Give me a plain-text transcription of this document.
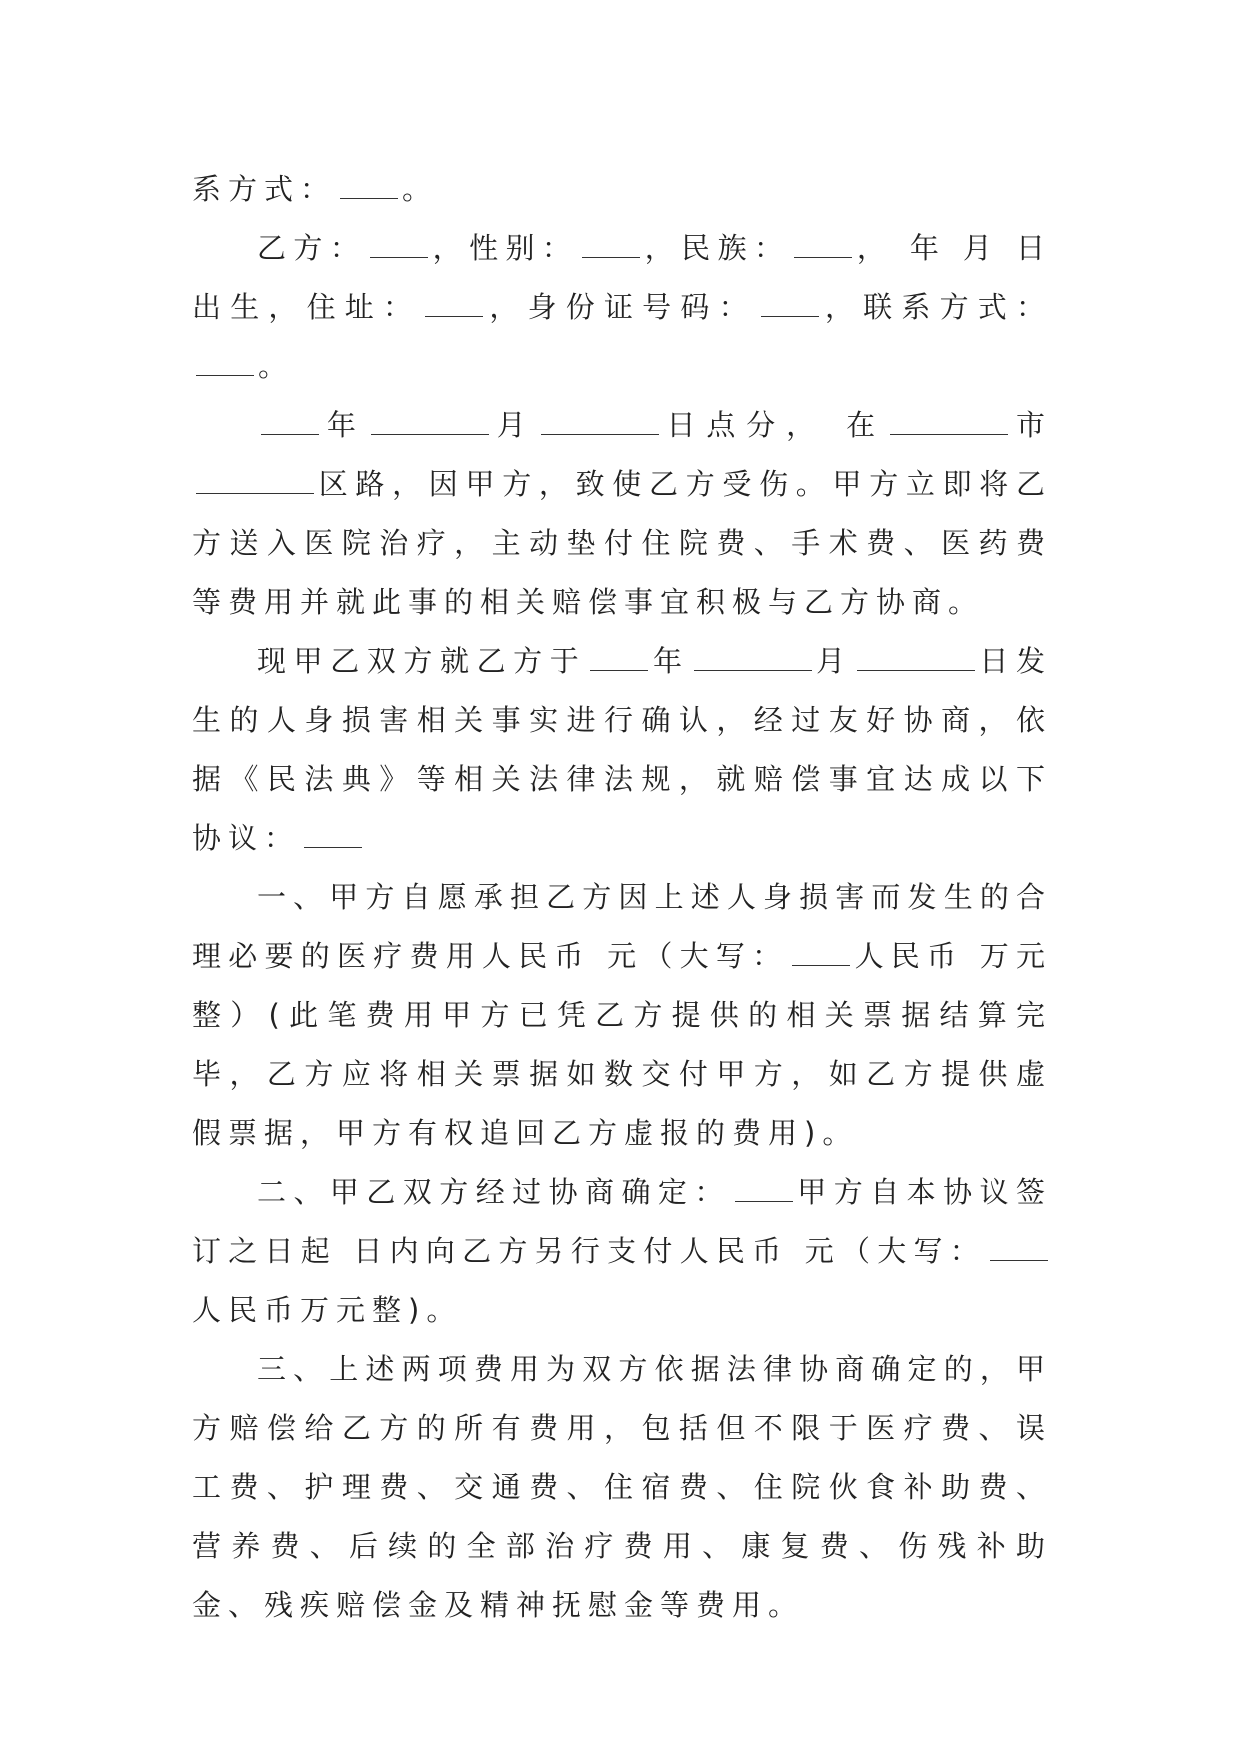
系方式： 。

乙方： ，性别： ，民族： ， 年 月 日出生，住址： ，身份证号码： ，联系方式：。

年	月	日点分， 在	市区路，因甲方，致使乙方受伤。甲方立即将乙方送入医院治疗，主动垫付住院费、手术费、医药费等费用并就此事的相关赔偿事宜积极与乙方协商。

现甲乙双方就乙方于 年	月	日发生的人身损害相关事实进行确认，经过友好协商，依据《民法典》等相关法律法规，就赔偿事宜达成以下协议：

一、甲方自愿承担乙方因上述人身损害而发生的合理必要的医疗费用人民币 元（大写： 人民币 万元整）(此笔费用甲方已凭乙方提供的相关票据结算完毕，乙方应将相关票据如数交付甲方，如乙方提供虚假票据，甲方有权追回乙方虚报的费用)。

二、甲乙双方经过协商确定： 甲方自本协议签订之日起 日内向乙方另行支付人民币 元（大写：人民币万元整)。

三、上述两项费用为双方依据法律协商确定的，甲方赔偿给乙方的所有费用，包括但不限于医疗费、误工费、护理费、交通费、住宿费、住院伙食补助费、营养费、后续的全部治疗费用、康复费、伤残补助金、残疾赔偿金及精神抚慰金等费用。
